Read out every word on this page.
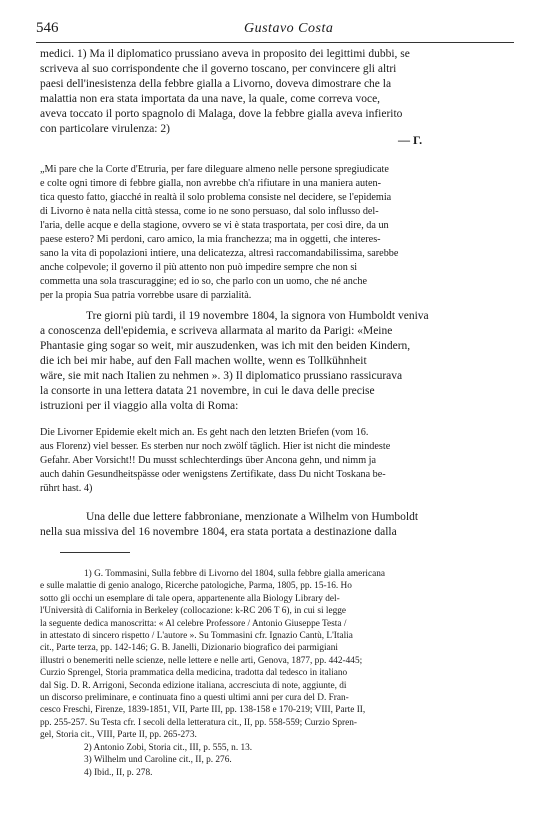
546	Gustavo Costa
medici. 1) Ma il diplomatico prussiano aveva in proposito dei legittimi dubbi, se
scriveva al suo corrispondente che il governo toscano, per convincere gli altri
paesi dell'inesistenza della febbre gialla a Livorno, doveva dimostrare che la
malattia non era stata importata da una nave, la quale, come correva voce,
aveva toccato il porto spagnolo di Malaga, dove la febbre gialla aveva infierito
con particolare virulenza: 2)
— Γ.
„Mi pare che la Corte d'Etruria, per fare dileguare almeno nelle persone spregiudicate
e colte ogni timore di febbre gialla, non avrebbe ch'a rifiutare in una maniera auten-
tica questo fatto, giacché in realtà il solo problema consiste nel decidere, se l'epidemia
di Livorno è nata nella città stessa, come io ne sono persuaso, dal solo influsso del-
l'aria, delle acque e della stagione, ovvero se vi è stata trasportata, per così dire, da un
paese estero? Mi perdoni, caro amico, la mia franchezza; ma in oggetti, che interes-
sano la vita di popolazioni intiere, una delicatezza, altresì raccomandabilissima, sarebbe
anche colpevole; il governo il più attento non può impedire sempre che non si
commetta una sola trascuraggine; ed io so, che parlo con un uomo, che né anche
per la propia Sua patria vorrebbe usare di parzialità.
Tre giorni più tardi, il 19 novembre 1804, la signora von Humboldt veniva
a conoscenza dell'epidemia, e scriveva allarmata al marito da Parigi: «Meine
Phantasie ging sogar so weit, mir auszudenken, was ich mit den beiden Kindern,
die ich bei mir habe, auf den Fall machen wollte, wenn es Tollkühnheit
wäre, sie mit nach Italien zu nehmen ». 3) Il diplomatico prussiano rassicurava
la consorte in una lettera datata 21 novembre, in cui le dava delle precise
istruzioni per il viaggio alla volta di Roma:
Die Livorner Epidemie ekelt mich an. Es geht nach den letzten Briefen (vom 16.
aus Florenz) viel besser. Es sterben nur noch zwölf täglich. Hier ist nicht die mindeste
Gefahr. Aber Vorsicht!! Du musst schlechterdings über Ancona gehn, und nimm ja
auch dahin Gesundheitspässe oder wenigstens Zertifikate, dass Du nicht Toskana be-
rührt hast. 4)
Una delle due lettere fabbroniane, menzionate a Wilhelm von Humboldt
nella sua missiva del 16 novembre 1804, era stata portata a destinazione dalla
1) G. Tommasini, Sulla febbre di Livorno del 1804, sulla febbre gialla americana
e sulle malattie di genio analogo, Ricerche patologiche, Parma, 1805, pp. 15-16. Ho
sotto gli occhi un esemplare di tale opera, appartenente alla Biology Library del-
l'Università di California in Berkeley (collocazione: k-RC 206 T 6), in cui si legge
la seguente dedica manoscritta: « Al celebre Professore / Antonio Giuseppe Testa /
in attestato di sincero rispetto / L'autore ». Su Tommasini cfr. Ignazio Cantù, L'Italia
cit., Parte terza, pp. 142-146; G. B. Janelli, Dizionario biografico dei parmigiani
illustri o benemeriti nelle scienze, nelle lettere e nelle arti, Genova, 1877, pp. 442-445;
Curzio Sprengel, Storia prammatica della medicina, tradotta dal tedesco in italiano
dal Sig. D. R. Arrigoni, Seconda edizione italiana, accresciuta di note, aggiunte, di
un discorso preliminare, e continuata fino a questi ultimi anni per cura del D. Fran-
cesco Freschi, Firenze, 1839-1851, VII, Parte III, pp. 138-158 e 170-219; VIII, Parte II,
pp. 255-257. Su Testa cfr. I secoli della letteratura cit., II, pp. 558-559; Curzio Spren-
gel, Storia cit., VIII, Parte II, pp. 265-273.
2) Antonio Zobi, Storia cit., III, p. 555, n. 13.
3) Wilhelm und Caroline cit., II, p. 276.
4) Ibid., II, p. 278.
